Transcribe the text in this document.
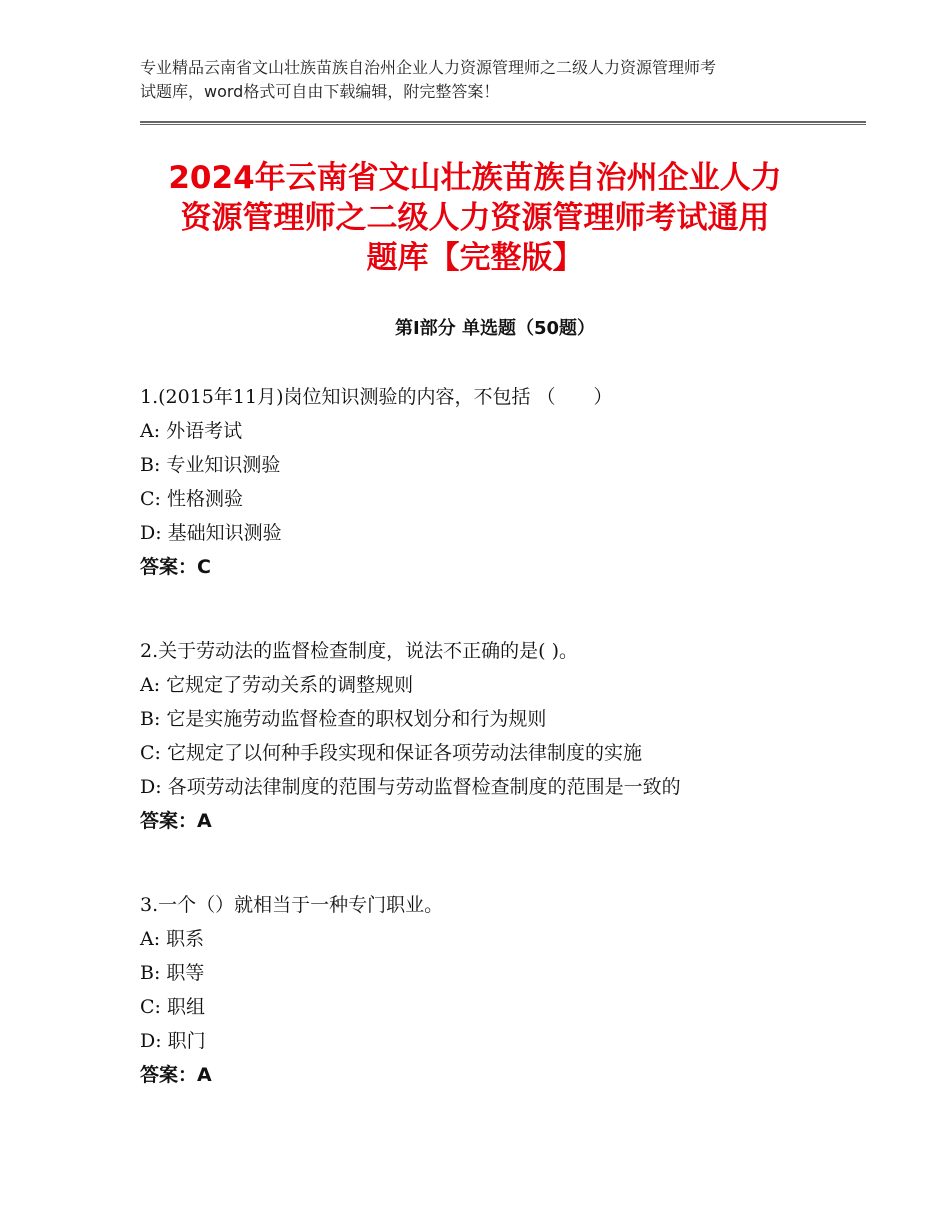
专业精品云南省文山壮族苗族自治州企业人力资源管理师之二级人力资源管理师考
试题库，word格式可自由下载编辑，附完整答案！
2024年云南省文山壮族苗族自治州企业人力
资源管理师之二级人力资源管理师考试通用
题库【完整版】
第Ⅰ部分 单选题（50题）
1.(2015年11月)岗位知识测验的内容，不包括 （　　）
A: 外语考试
B: 专业知识测验
C: 性格测验
D: 基础知识测验
答案：C
2.关于劳动法的监督检查制度，说法不正确的是( )。
A: 它规定了劳动关系的调整规则
B: 它是实施劳动监督检查的职权划分和行为规则
C: 它规定了以何种手段实现和保证各项劳动法律制度的实施
D: 各项劳动法律制度的范围与劳动监督检查制度的范围是一致的
答案：A
3.一个（）就相当于一种专门职业。
A: 职系
B: 职等
C: 职组
D: 职门
答案：A
